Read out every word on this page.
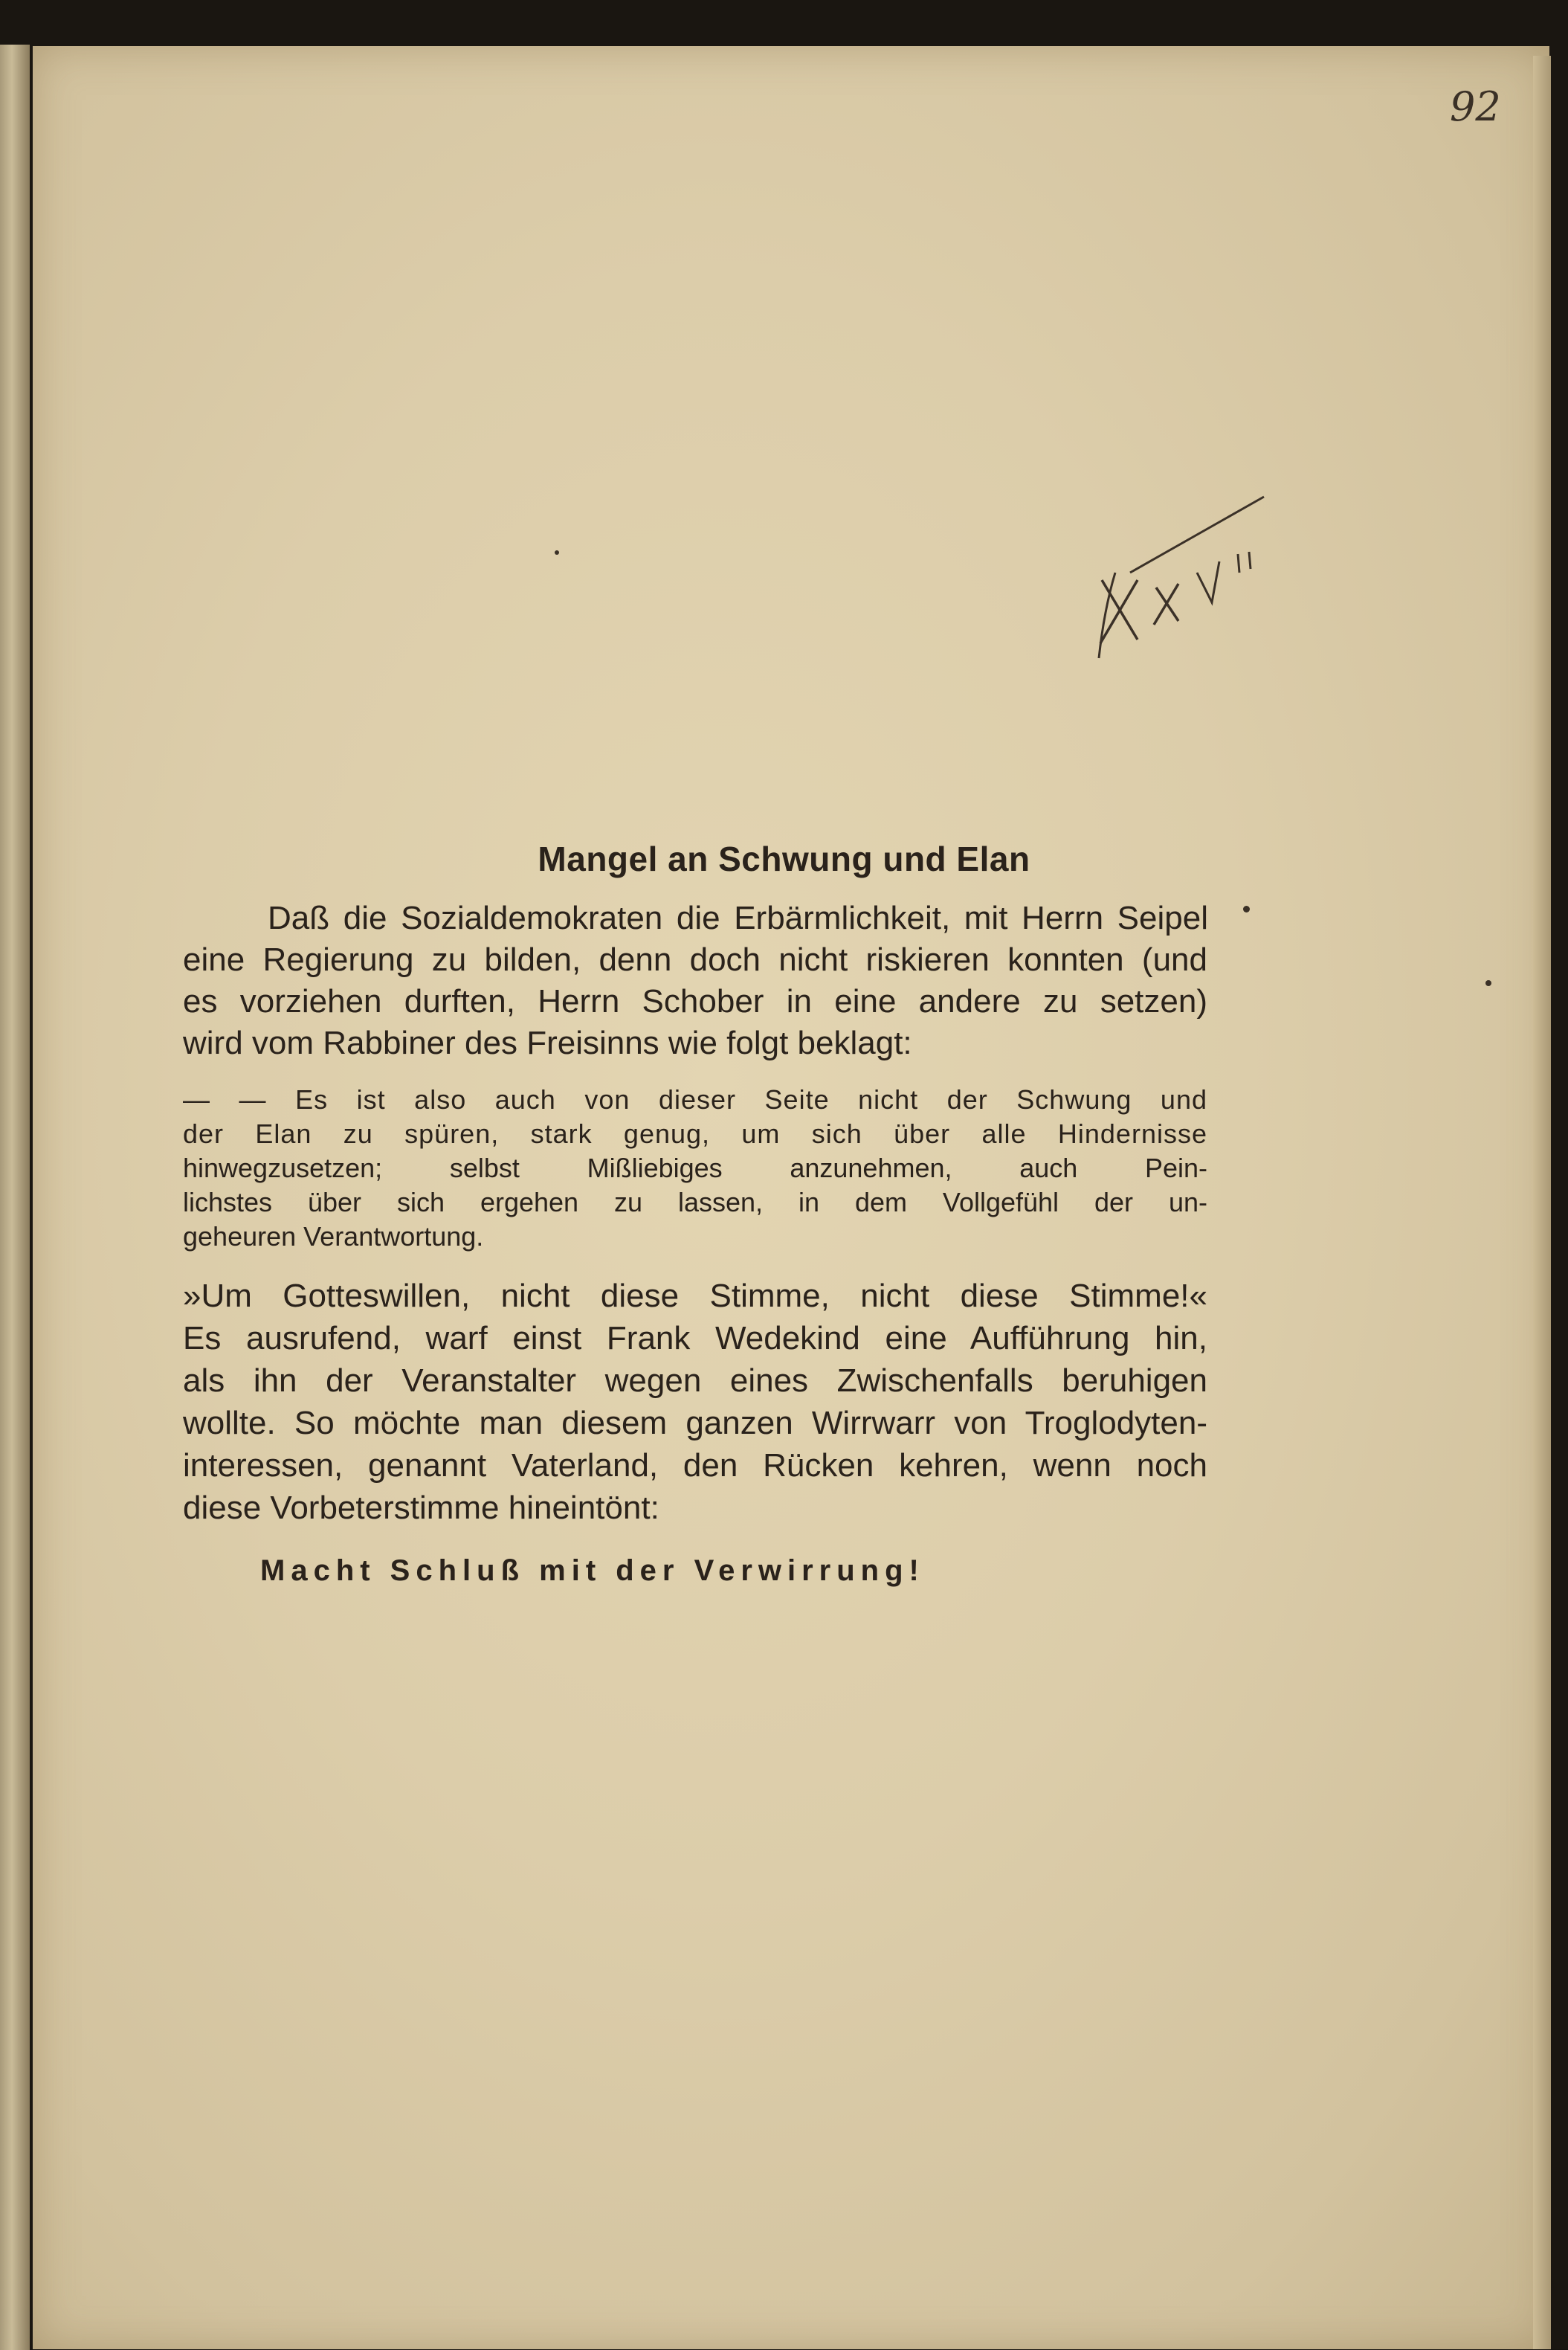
92
Mangel an Schwung und Elan
Daß die Sozialdemokraten die Erbärmlichkeit, mit Herrn Seipel
eine Regierung zu bilden, denn doch nicht riskieren konnten (und
es vorziehen durften, Herrn Schober in eine andere zu setzen)
wird vom Rabbiner des Freisinns wie folgt beklagt:
— — Es ist also auch von dieser Seite nicht der Schwung und
der Elan zu spüren, stark genug, um sich über alle Hindernisse
hinwegzusetzen; selbst Mißliebiges anzunehmen, auch Pein-
lichstes über sich ergehen zu lassen, in dem Vollgefühl der un-
geheuren Verantwortung.
»Um Gotteswillen, nicht diese Stimme, nicht diese Stimme!«
Es ausrufend, warf einst Frank Wedekind eine Aufführung hin,
als ihn der Veranstalter wegen eines Zwischenfalls beruhigen
wollte. So möchte man diesem ganzen Wirrwarr von Troglodyten-
interessen, genannt Vaterland, den Rücken kehren, wenn noch
diese Vorbeterstimme hineintönt:
Macht Schluß mit der Verwirrung!
